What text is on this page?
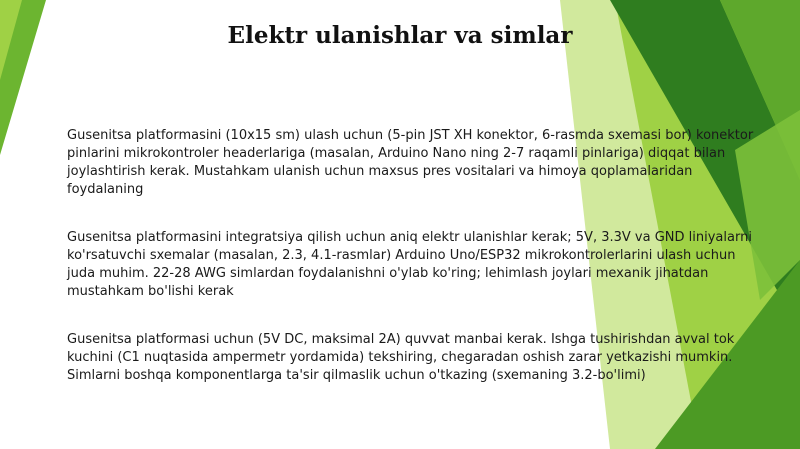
Elektr ulanishlar va simlar

Gusenitsa platformasini (10x15 sm) ulash uchun (5-pin JST XH konektor, 6-rasmda sxemasi bor) konektor pinlarini mikrokontroler headerlariga (masalan, Arduino Nano ning 2-7 raqamli pinlariga) diqqat bilan joylashtirish kerak. Mustahkam ulanish uchun maxsus pres vositalari va himoya qoplamalaridan foydalaning

Gusenitsa platformasini integratsiya qilish uchun aniq elektr ulanishlar kerak; 5V, 3.3V va GND liniyalarni ko'rsatuvchi sxemalar (masalan, 2.3, 4.1-rasmlar) Arduino Uno/ESP32 mikrokontrolerlarini ulash uchun juda muhim. 22-28 AWG simlardan foydalanishni o'ylab ko'ring; lehimlash joylari mexanik jihatdan mustahkam bo'lishi kerak

Gusenitsa platformasi uchun (5V DC, maksimal 2A) quvvat manbai kerak. Ishga tushirishdan avval tok kuchini (C1 nuqtasida ampermetr yordamida) tekshiring, chegaradan oshish zarar yetkazishi mumkin. Simlarni boshqa komponentlarga ta'sir qilmaslik uchun o'tkazing (sxemaning 3.2-bo'limi)
